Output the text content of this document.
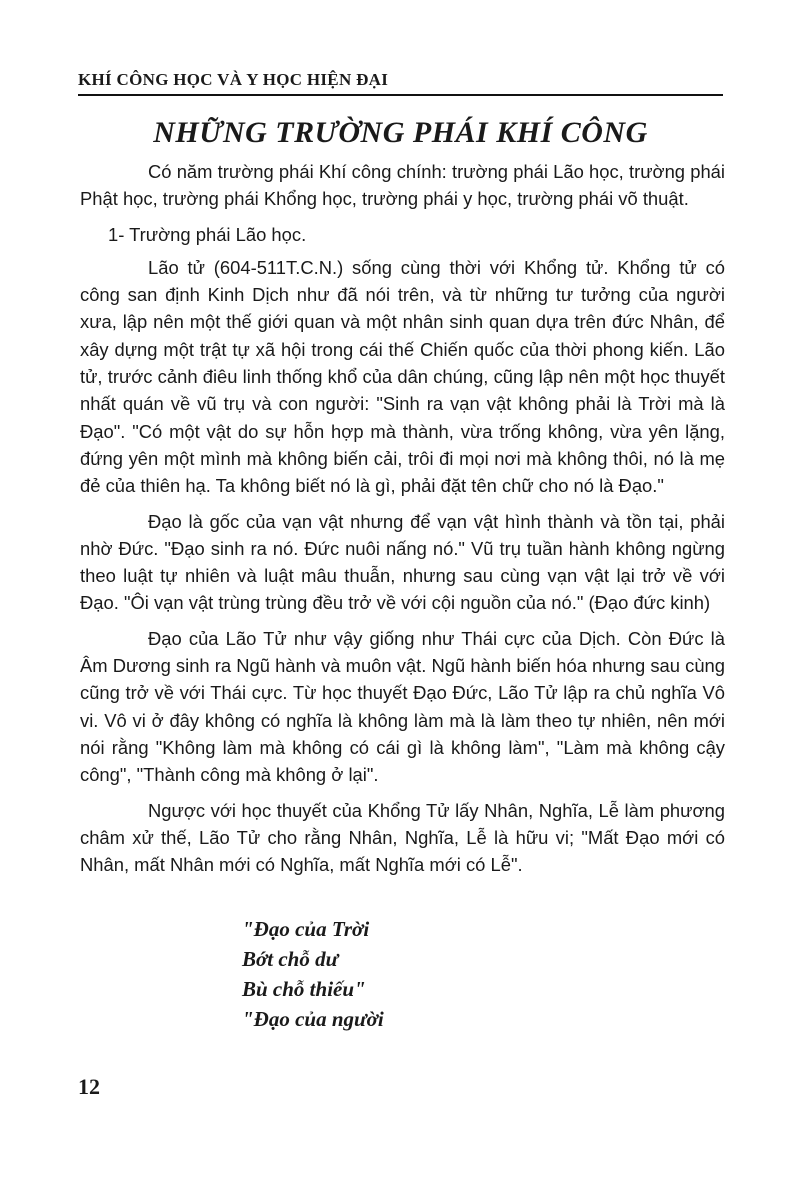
KHÍ CÔNG HỌC VÀ Y HỌC HIỆN ĐẠI
NHỮNG TRƯỜNG PHÁI KHÍ CÔNG

Có năm trường phái Khí công chính: trường phái Lão học, trường phái Phật học, trường phái Khổng học, trường phái y học, trường phái võ thuật.

1- Trường phái Lão học.

Lão tử (604-511T.C.N.) sống cùng thời với Khổng tử. Khổng tử có công san định Kinh Dịch như đã nói trên, và từ những tư tưởng của người xưa, lập nên một thế giới quan và một nhân sinh quan dựa trên đức Nhân, để xây dựng một trật tự xã hội trong cái thế Chiến quốc của thời phong kiến. Lão tử, trước cảnh điêu linh thống khổ của dân chúng, cũng lập nên một học thuyết nhất quán về vũ trụ và con người: "Sinh ra vạn vật không phải là Trời mà là Đạo". "Có một vật do sự hỗn hợp mà thành, vừa trống không, vừa yên lặng, đứng yên một mình mà không biến cải, trôi đi mọi nơi mà không thôi, nó là mẹ đẻ của thiên hạ. Ta không biết nó là gì, phải đặt tên chữ cho nó là Đạo."

Đạo là gốc của vạn vật nhưng để vạn vật hình thành và tồn tại, phải nhờ Đức. "Đạo sinh ra nó. Đức nuôi nấng nó." Vũ trụ tuần hành không ngừng theo luật tự nhiên và luật mâu thuẫn, nhưng sau cùng vạn vật lại trở về với Đạo. "Ôi vạn vật trùng trùng đều trở về với cội nguồn của nó." (Đạo đức kinh)

Đạo của Lão Tử như vậy giống như Thái cực của Dịch. Còn Đức là Âm Dương sinh ra Ngũ hành và muôn vật. Ngũ hành biến hóa nhưng sau cùng cũng trở về với Thái cực. Từ học thuyết Đạo Đức, Lão Tử lập ra chủ nghĩa Vô vi. Vô vi ở đây không có nghĩa là không làm mà là làm theo tự nhiên, nên mới nói rằng "Không làm mà không có cái gì là không làm", "Làm mà không cậy công", "Thành công mà không ở lại".

Ngược với học thuyết của Khổng Tử lấy Nhân, Nghĩa, Lễ làm phương châm xử thế, Lão Tử cho rằng Nhân, Nghĩa, Lễ là hữu vi; "Mất Đạo mới có Nhân, mất Nhân mới có Nghĩa, mất Nghĩa mới có Lễ".

"Đạo của Trời
Bớt chỗ dư
Bù chỗ thiếu"
"Đạo của người
12
